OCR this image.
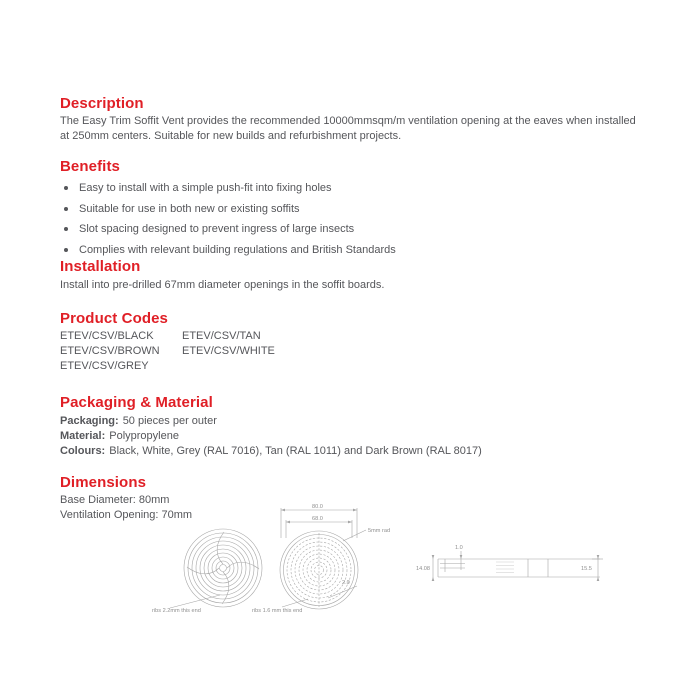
Description
The Easy Trim Soffit Vent provides the recommended 10000mmsqm/m ventilation opening at the eaves when installed at 250mm centers. Suitable for new builds and refurbishment projects.
Benefits
Easy to install with a simple push-fit into fixing holes
Suitable for use in both new or existing soffits
Slot spacing designed to prevent ingress of large insects
Complies with relevant building regulations and British Standards
Installation
Install into pre-drilled 67mm diameter openings in the soffit boards.
Product Codes
ETEV/CSV/BLACK
ETEV/CSV/BROWN
ETEV/CSV/GREY
ETEV/CSV/TAN
ETEV/CSV/WHITE
Packaging & Material
Packaging: 50 pieces per outer
Material: Polypropylene
Colours: Black, White, Grey (RAL 7016), Tan (RAL 1011) and Dark Brown (RAL 8017)
Dimensions
Base Diameter: 80mm
Ventilation Opening: 70mm
ribs 2.2mm this end
80.0
68.0
5mm rad
2.0
ribs 1.6 mm this end
1.0
14.08	15.5
